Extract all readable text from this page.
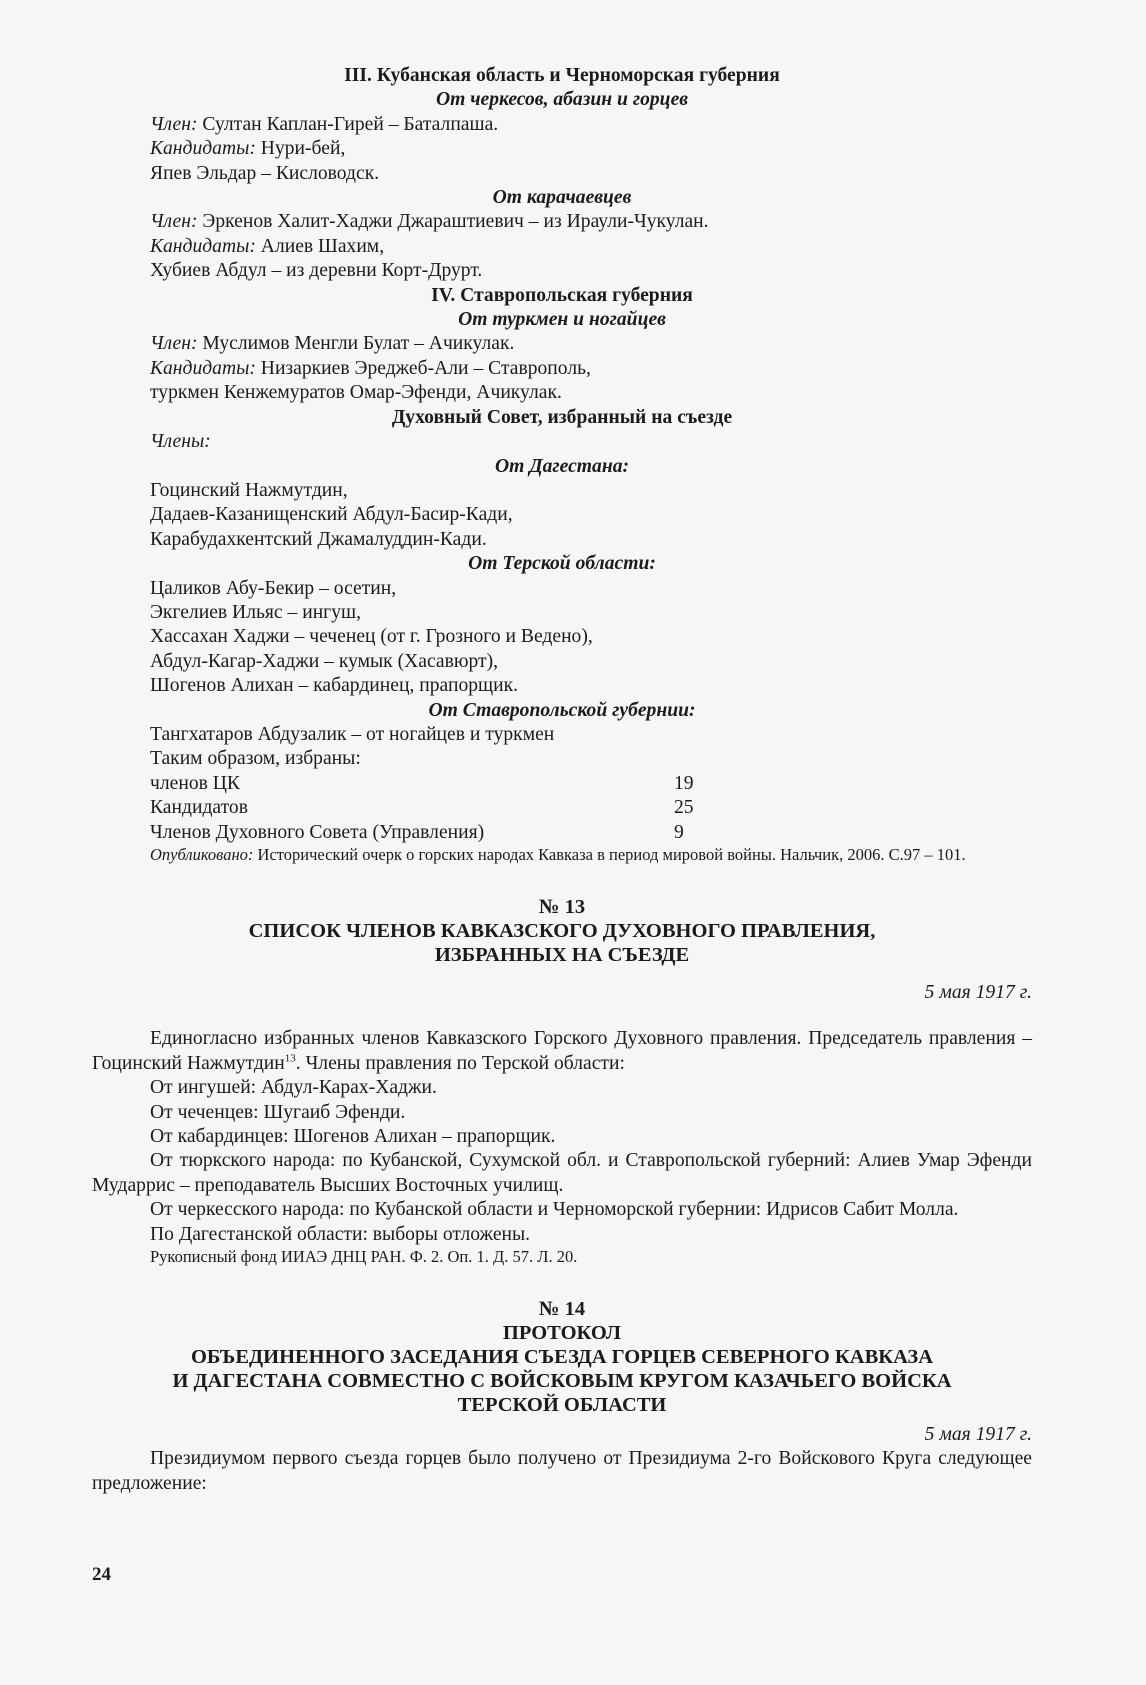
III. Кубанская область и Черноморская губерния
От черкесов, абазин и горцев
Член: Султан Каплан-Гирей – Баталпаша.
Кандидаты: Нури-бей,
Япев Эльдар – Кисловодск.
От карачаевцев
Член: Эркенов Халит-Хаджи Джараштиевич – из Ираули-Чукулан.
Кандидаты: Алиев Шахим,
Хубиев Абдул – из деревни Корт-Друрт.
IV. Ставропольская губерния
От туркмен и ногайцев
Член: Муслимов Менгли Булат – Ачикулак.
Кандидаты: Низаркиев Эреджеб-Али – Ставрополь,
туркмен Кенжемуратов Омар-Эфенди, Ачикулак.
Духовный Совет, избранный на съезде
Члены:
От Дагестана:
Гоцинский Нажмутдин,
Дадаев-Казанищенский Абдул-Басир-Кади,
Карабудахкентский Джамалуддин-Кади.
От Терской области:
Цаликов Абу-Бекир – осетин,
Экгелиев Ильяс – ингуш,
Хассахан Хаджи – чеченец (от г. Грозного и Ведено),
Абдул-Кагар-Хаджи – кумык (Хасавюрт),
Шогенов Алихан – кабардинец, прапорщик.
От Ставропольской губернии:
Тангхатаров Абдузалик – от ногайцев и туркмен
Таким образом, избраны:
членов ЦК	19
Кандидатов	25
Членов Духовного Совета (Управления)	9
Опубликовано: Исторический очерк о горских народах Кавказа в период мировой войны. Нальчик, 2006. С.97 – 101.
№ 13
СПИСОК ЧЛЕНОВ КАВКАЗСКОГО ДУХОВНОГО ПРАВЛЕНИЯ,
ИЗБРАННЫХ НА СЪЕЗДЕ
5 мая 1917 г.
Единогласно избранных членов Кавказского Горского Духовного правления. Председатель правления – Гоцинский Нажмутдин$^{13}$. Члены правления по Терской области:
От ингушей: Абдул-Карах-Хаджи.
От чеченцев: Шугаиб Эфенди.
От кабардинцев: Шогенов Алихан – прапорщик.
От тюркского народа: по Кубанской, Сухумской обл. и Ставропольской губерний: Алиев Умар Эфенди Мударрис – преподаватель Высших Восточных училищ.
От черкесского народа: по Кубанской области и Черноморской губернии: Идрисов Сабит Молла.
По Дагестанской области: выборы отложены.
Рукописный фонд ИИАЭ ДНЦ РАН. Ф. 2. Оп. 1. Д. 57. Л. 20.
№ 14
ПРОТОКОЛ
ОБЪЕДИНЕННОГО ЗАСЕДАНИЯ СЪЕЗДА ГОРЦЕВ СЕВЕРНОГО КАВКАЗА
И ДАГЕСТАНА СОВМЕСТНО С ВОЙСКОВЫМ КРУГОМ КАЗАЧЬЕГО ВОЙСКА
ТЕРСКОЙ ОБЛАСТИ
5 мая 1917 г.
Президиумом первого съезда горцев было получено от Президиума 2-го Войскового Круга следующее предложение:
24
